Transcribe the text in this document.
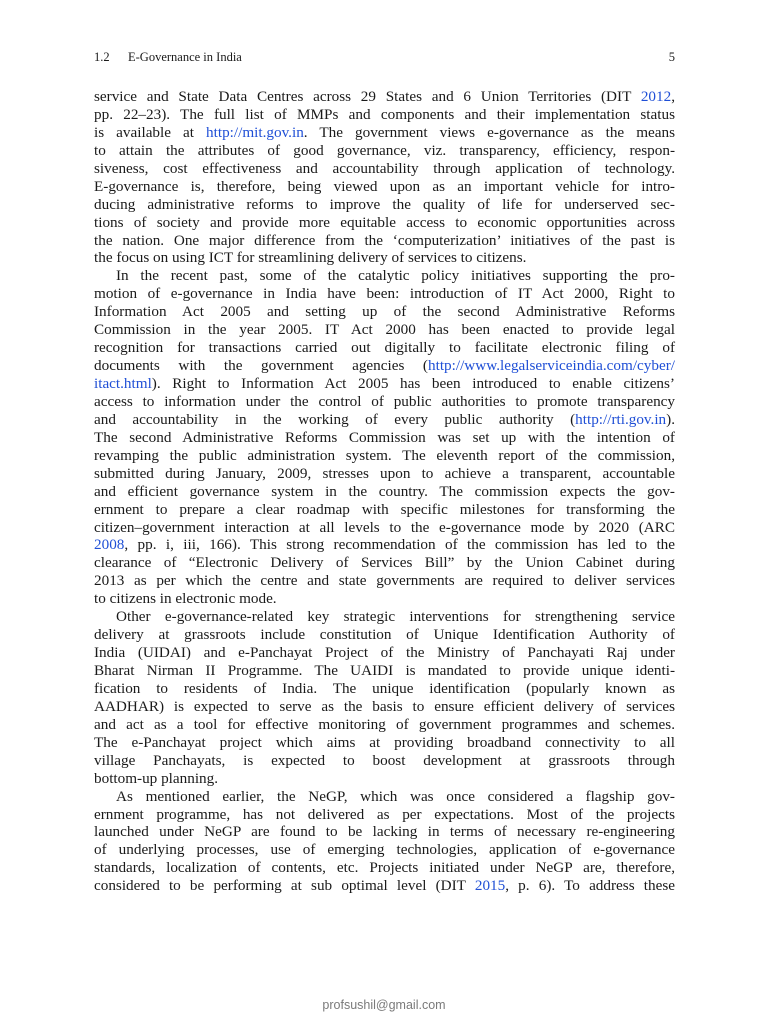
1.2 E-Governance in India	5
service and State Data Centres across 29 States and 6 Union Territories (DIT 2012,
pp. 22–23). The full list of MMPs and components and their implementation status
is available at http://mit.gov.in. The government views e-governance as the means
to attain the attributes of good governance, viz. transparency, efficiency, respon-
siveness, cost effectiveness and accountability through application of technology.
E-governance is, therefore, being viewed upon as an important vehicle for intro-
ducing administrative reforms to improve the quality of life for underserved sec-
tions of society and provide more equitable access to economic opportunities across
the nation. One major difference from the ‘computerization’ initiatives of the past is
the focus on using ICT for streamlining delivery of services to citizens.
In the recent past, some of the catalytic policy initiatives supporting the pro-
motion of e-governance in India have been: introduction of IT Act 2000, Right to
Information Act 2005 and setting up of the second Administrative Reforms
Commission in the year 2005. IT Act 2000 has been enacted to provide legal
recognition for transactions carried out digitally to facilitate electronic filing of
documents with the government agencies (http://www.legalserviceindia.com/cyber/
itact.html). Right to Information Act 2005 has been introduced to enable citizens’
access to information under the control of public authorities to promote transparency
and accountability in the working of every public authority (http://rti.gov.in).
The second Administrative Reforms Commission was set up with the intention of
revamping the public administration system. The eleventh report of the commission,
submitted during January, 2009, stresses upon to achieve a transparent, accountable
and efficient governance system in the country. The commission expects the gov-
ernment to prepare a clear roadmap with specific milestones for transforming the
citizen–government interaction at all levels to the e-governance mode by 2020 (ARC
2008, pp. i, iii, 166). This strong recommendation of the commission has led to the
clearance of “Electronic Delivery of Services Bill” by the Union Cabinet during
2013 as per which the centre and state governments are required to deliver services
to citizens in electronic mode.
Other e-governance-related key strategic interventions for strengthening service
delivery at grassroots include constitution of Unique Identification Authority of
India (UIDAI) and e-Panchayat Project of the Ministry of Panchayati Raj under
Bharat Nirman II Programme. The UAIDI is mandated to provide unique identi-
fication to residents of India. The unique identification (popularly known as
AADHAR) is expected to serve as the basis to ensure efficient delivery of services
and act as a tool for effective monitoring of government programmes and schemes.
The e-Panchayat project which aims at providing broadband connectivity to all
village Panchayats, is expected to boost development at grassroots through
bottom-up planning.
As mentioned earlier, the NeGP, which was once considered a flagship gov-
ernment programme, has not delivered as per expectations. Most of the projects
launched under NeGP are found to be lacking in terms of necessary re-engineering
of underlying processes, use of emerging technologies, application of e-governance
standards, localization of contents, etc. Projects initiated under NeGP are, therefore,
considered to be performing at sub optimal level (DIT 2015, p. 6). To address these
profsushil@gmail.com
